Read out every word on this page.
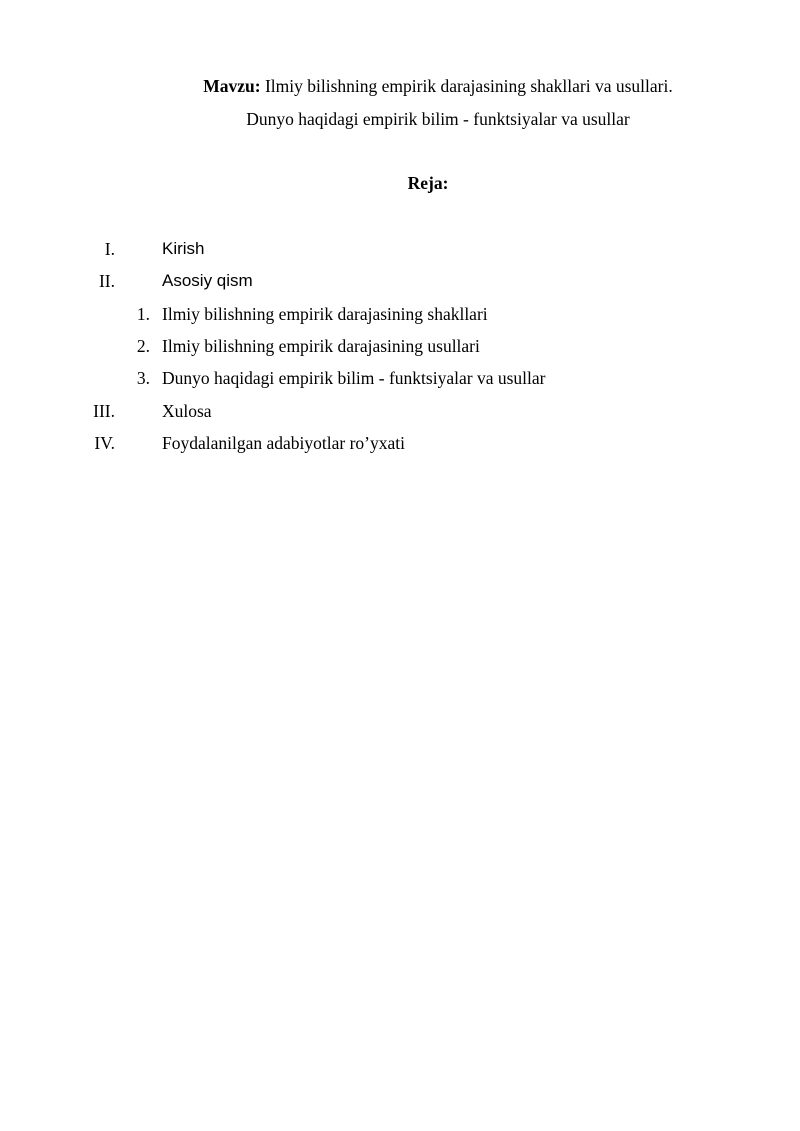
Mavzu: Ilmiy bilishning empirik darajasining shakllari va usullari.
Dunyo haqidagi empirik bilim - funktsiyalar va usullar
Reja:
I.	Kirish
II.	Asosiy qism
1. Ilmiy bilishning empirik darajasining shakllari
2. Ilmiy bilishning empirik darajasining usullari
3. Dunyo haqidagi empirik bilim - funktsiyalar va usullar
III.	Xulosa
IV.	Foydalanilgan adabiyotlar ro’yxati
